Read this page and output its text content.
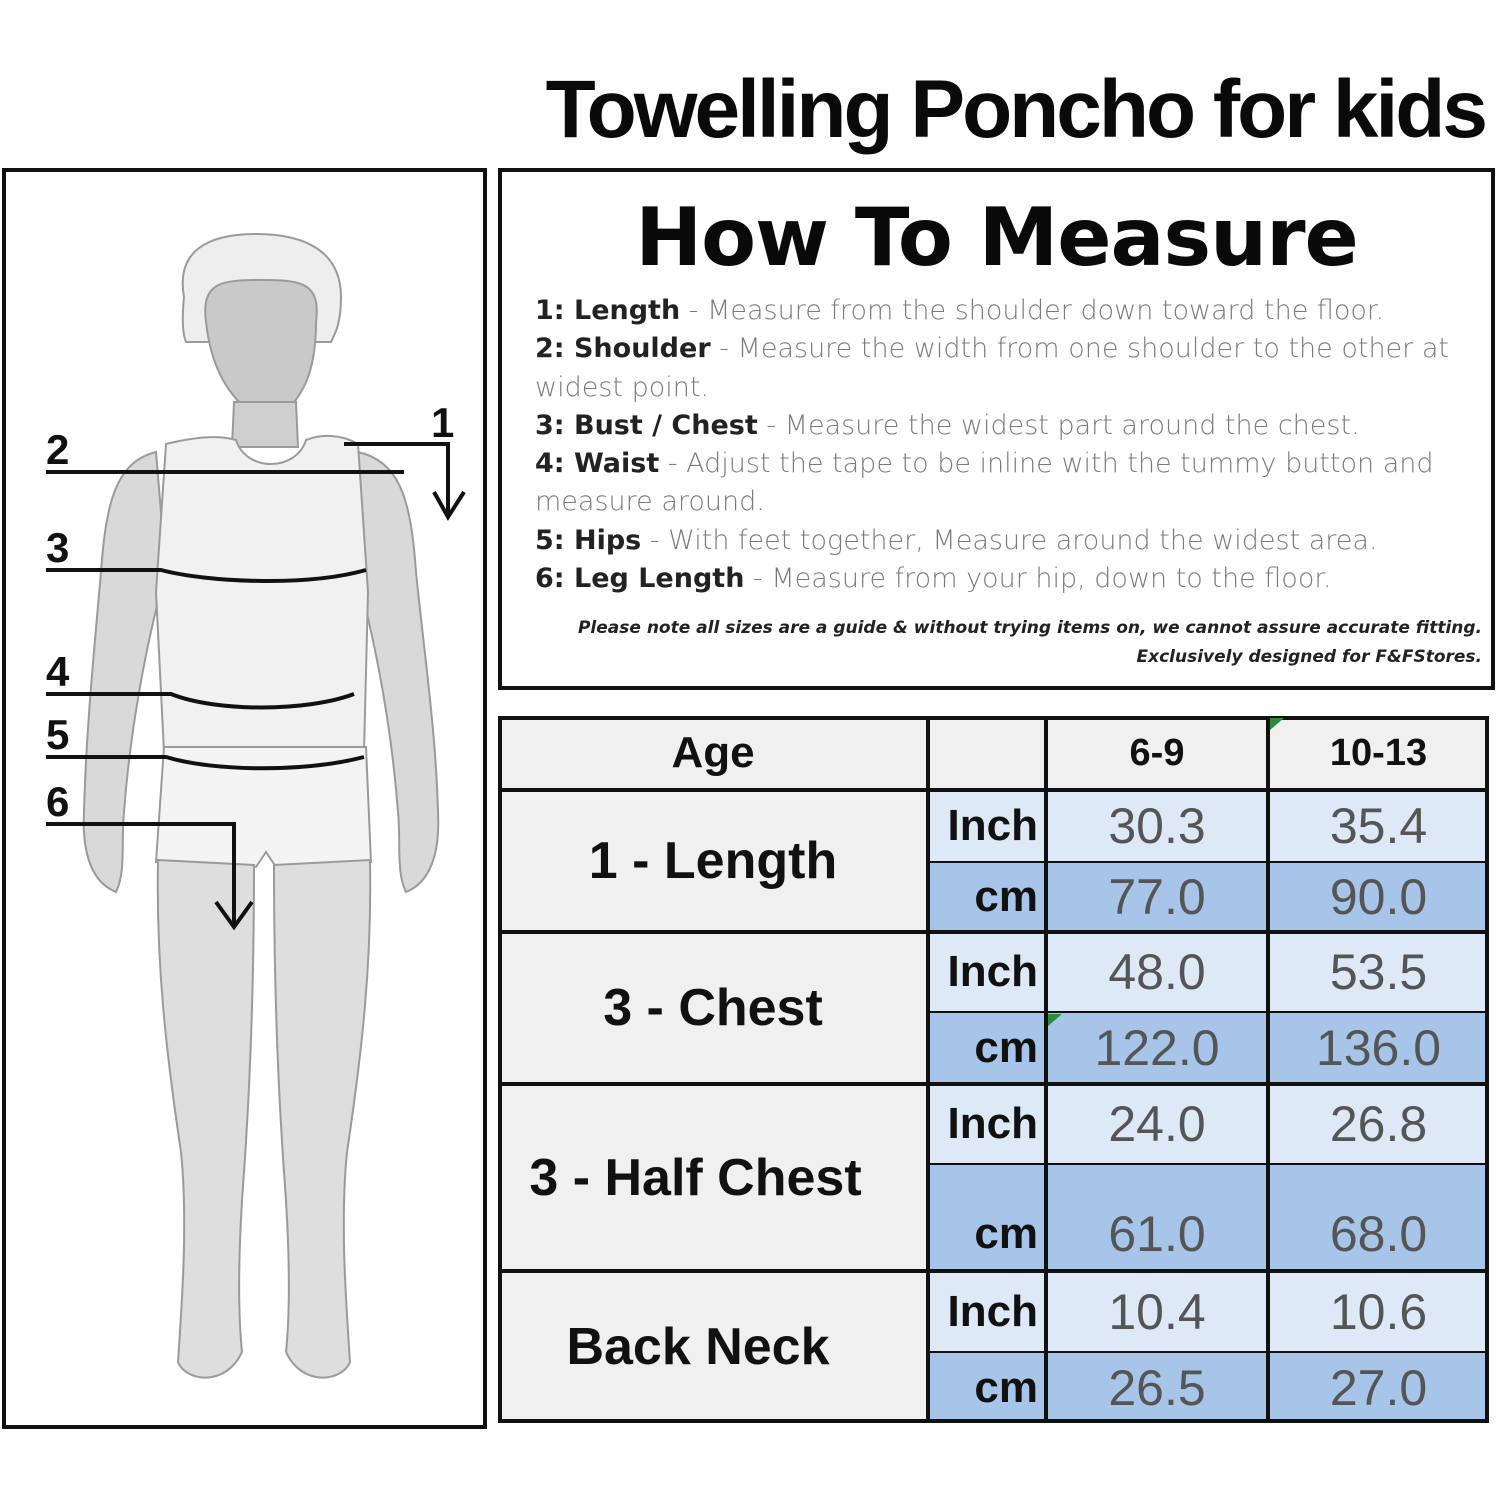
Towelling Poncho for kids
1
2
3
4
5
6
How To Measure
1: Length - Measure from the shoulder down toward the floor.
2: Shoulder - Measure the width from one shoulder to the other at widest point.
3: Bust / Chest - Measure the widest part around the chest.
4: Waist - Adjust the tape to be inline with the tummy button and measure around.
5: Hips - With feet together, Measure around the widest area.
6: Leg Length - Measure from your hip, down to the floor.
Please note all sizes are a guide & without trying items on, we cannot assure accurate fitting.
Exclusively designed for F&FStores.
Age	6-9	10-13
1 - Length
Inch	30.3	35.4
cm	77.0	90.0
3 - Chest
Inch	48.0	53.5
cm	122.0	136.0
3 - Half Chest
Inch	24.0	26.8
cm	61.0	68.0
Back Neck
Inch	10.4	10.6
cm	26.5	27.0
